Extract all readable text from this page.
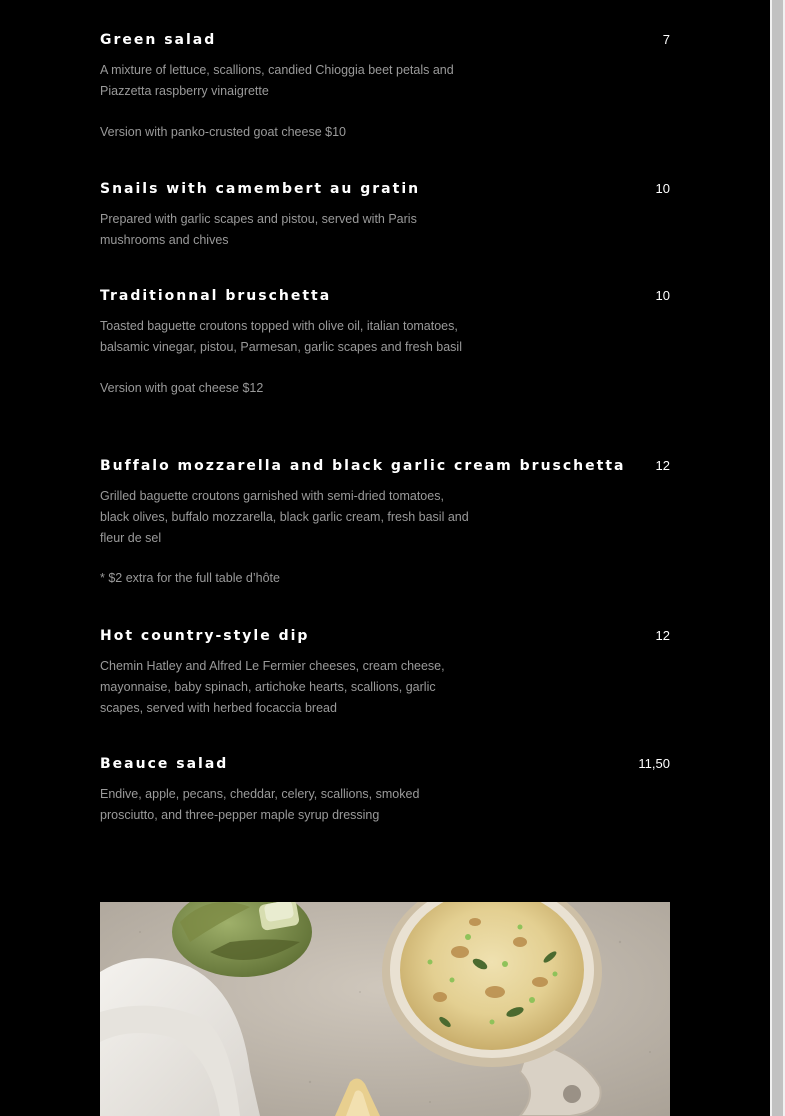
Green salad	7
A mixture of lettuce, scallions, candied Chioggia beet petals and Piazzetta raspberry vinaigrette
Version with panko-crusted goat cheese $10
Snails with camembert au gratin	10
Prepared with garlic scapes and pistou, served with Paris mushrooms and chives
Traditionnal bruschetta	10
Toasted baguette croutons topped with olive oil, italian tomatoes, balsamic vinegar, pistou, Parmesan, garlic scapes and fresh basil
Version with goat cheese $12
Buffalo mozzarella and black garlic cream bruschetta 12
Grilled baguette croutons garnished with semi-dried tomatoes, black olives, buffalo mozzarella, black garlic cream, fresh basil and fleur de sel
* $2 extra for the full table d’hôte
Hot country-style dip	12
Chemin Hatley and Alfred Le Fermier cheeses, cream cheese, mayonnaise, baby spinach, artichoke hearts, scallions, garlic scapes, served with herbed focaccia bread
Beauce salad	11,50
Endive, apple, pecans, cheddar, celery, scallions, smoked prosciutto, and three-pepper maple syrup dressing
